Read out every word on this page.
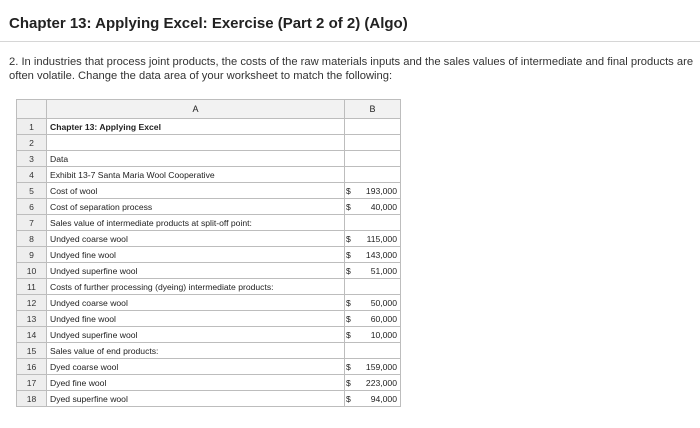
Chapter 13: Applying Excel: Exercise (Part 2 of 2) (Algo)
2. In industries that process joint products, the costs of the raw materials inputs and the sales values of intermediate and final products are often volatile. Change the data area of your worksheet to match the following:
	A	B
1	Chapter 13: Applying Excel	

2		

3	Data	

4	Exhibit 13-7 Santa Maria Wool Cooperative	

5	Cost of wool	$ 193,000

6	Cost of separation process	$ 40,000

7	Sales value of intermediate products at split-off point:	

8	Undyed coarse wool	$ 115,000

9	Undyed fine wool	$ 143,000

10	Undyed superfine wool	$ 51,000

11	Costs of further processing (dyeing) intermediate products:	

12	Undyed coarse wool	$ 50,000

13	Undyed fine wool	$ 60,000

14	Undyed superfine wool	$ 10,000

15	Sales value of end products:	

16	Dyed coarse wool	$ 159,000

17	Dyed fine wool	$ 223,000

18	Dyed superfine wool	$ 94,000
